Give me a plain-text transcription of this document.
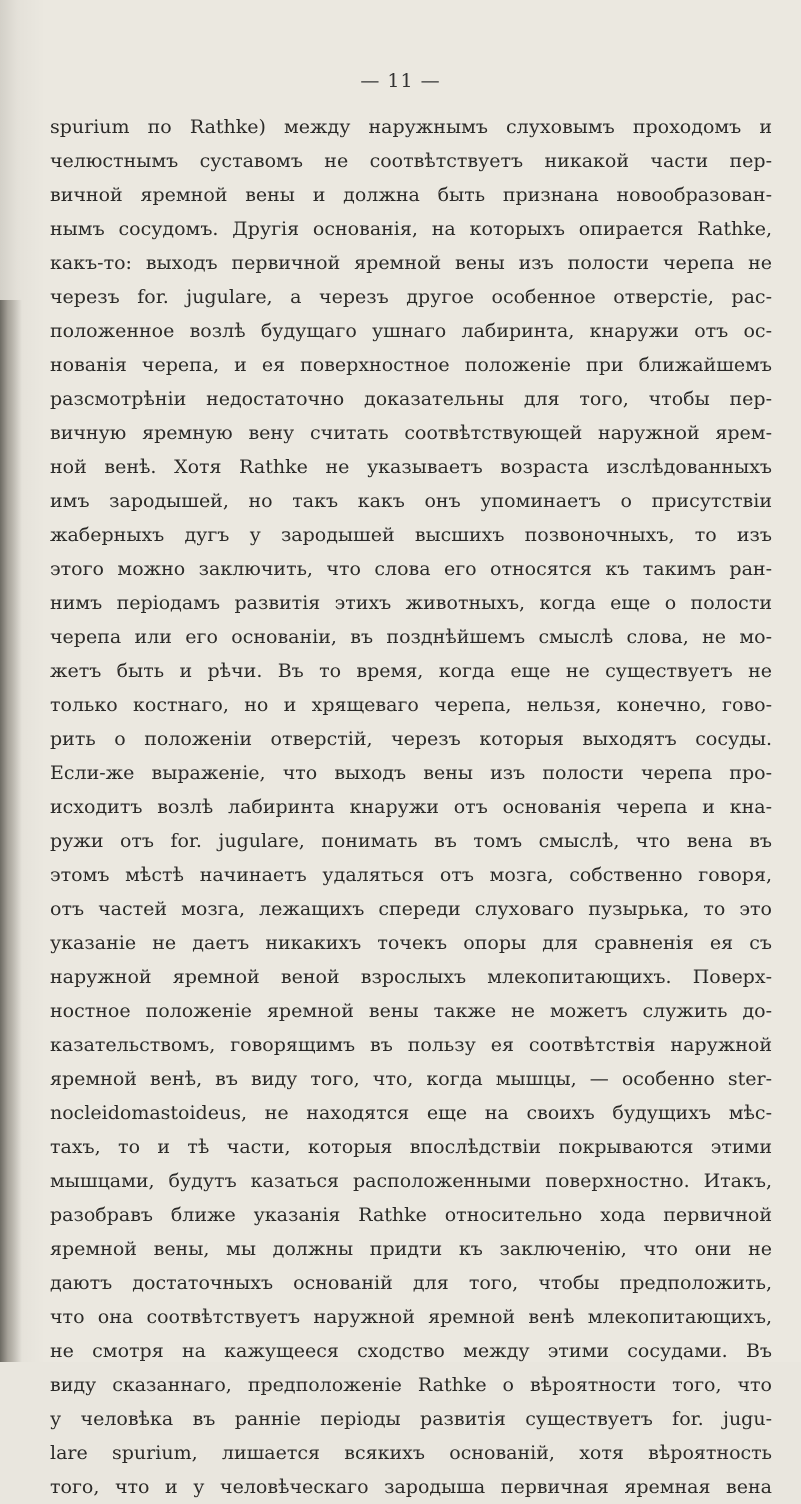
— 11 —
spurium по Rathke) между наружнымъ слуховымъ проходомъ и
челюстнымъ суставомъ не соотвѣтствуетъ никакой части пер-
вичной яремной вены и должна быть признана новообразован-
нымъ сосудомъ. Другія основанія, на которыхъ опирается Rathke,
какъ-то: выходъ первичной яремной вены изъ полости черепа не
черезъ for. jugulare, а черезъ другое особенное отверстіе, рас-
положенное возлѣ будущаго ушнаго лабиринта, кнаружи отъ ос-
нованія черепа, и ея поверхностное положеніе при ближайшемъ
разсмотрѣніи недостаточно доказательны для того, чтобы пер-
вичную яремную вену считать соотвѣтствующей наружной ярем-
ной венѣ. Хотя Rathke не указываетъ возраста изслѣдованныхъ
имъ зародышей, но такъ какъ онъ упоминаетъ о присутствіи
жаберныхъ дугъ у зародышей высшихъ позвоночныхъ, то изъ
этого можно заключить, что слова его относятся къ такимъ ран-
нимъ періодамъ развитія этихъ животныхъ, когда еще о полости
черепа или его основаніи, въ позднѣйшемъ смыслѣ слова, не мо-
жетъ быть и рѣчи. Въ то время, когда еще не существуетъ не
только костнаго, но и хрящеваго черепа, нельзя, конечно, гово-
рить о положеніи отверстій, черезъ которыя выходятъ сосуды.
Если-же выраженіе, что выходъ вены изъ полости черепа про-
исходитъ возлѣ лабиринта кнаружи отъ основанія черепа и кна-
ружи отъ for. jugulare, понимать въ томъ смыслѣ, что вена въ
этомъ мѣстѣ начинаетъ удаляться отъ мозга, собственно говоря,
отъ частей мозга, лежащихъ спереди слуховаго пузырька, то это
указаніе не даетъ никакихъ точекъ опоры для сравненія ея съ
наружной яремной веной взрослыхъ млекопитающихъ. Поверх-
ностное положеніе яремной вены также не можетъ служить до-
казательствомъ, говорящимъ въ пользу ея соотвѣтствія наружной
яремной венѣ, въ виду того, что, когда мышцы, — особенно ster-
nocleidomastoideus, не находятся еще на своихъ будущихъ мѣс-
тахъ, то и тѣ части, которыя впослѣдствіи покрываются этими
мышцами, будутъ казаться расположенными поверхностно. Итакъ,
разобравъ ближе указанія Rathke относительно хода первичной
яремной вены, мы должны придти къ заключенію, что они не
даютъ достаточныхъ основаній для того, чтобы предположить,
что она соотвѣтствуетъ наружной яремной венѣ млекопитающихъ,
не смотря на кажущееся сходство между этими сосудами. Въ
виду сказаннаго, предположеніе Rathke о вѣроятности того, что
у человѣка въ ранніе періоды развитія существуетъ for. jugu-
lare spurium, лишается всякихъ основаній, хотя вѣроятность
того, что и у человѣческаго зародыша первичная яремная вена
